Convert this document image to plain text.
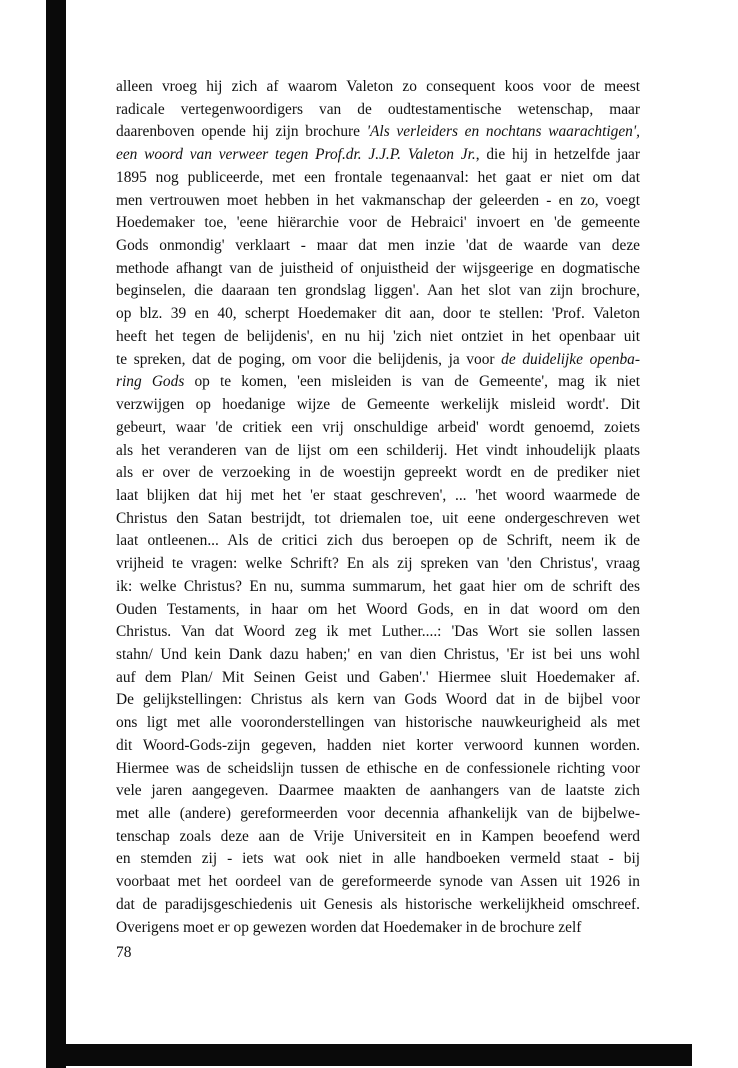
alleen vroeg hij zich af waarom Valeton zo consequent koos voor de meest
radicale vertegenwoordigers van de oudtestamentische wetenschap, maar
daarenboven opende hij zijn brochure 'Als verleiders en nochtans waarachtigen',
een woord van verweer tegen Prof.dr. J.J.P. Valeton Jr., die hij in hetzelfde jaar
1895 nog publiceerde, met een frontale tegenaanval: het gaat er niet om dat
men vertrouwen moet hebben in het vakmanschap der geleerden - en zo, voegt
Hoedemaker toe, 'eene hiërarchie voor de Hebraici' invoert en 'de gemeente
Gods onmondig' verklaart - maar dat men inzie 'dat de waarde van deze
methode afhangt van de juistheid of onjuistheid der wijsgeerige en dogmatische
beginselen, die daaraan ten grondslag liggen'. Aan het slot van zijn brochure,
op blz. 39 en 40, scherpt Hoedemaker dit aan, door te stellen: 'Prof. Valeton
heeft het tegen de belijdenis', en nu hij 'zich niet ontziet in het openbaar uit
te spreken, dat de poging, om voor die belijdenis, ja voor de duidelijke openba-
ring Gods op te komen, 'een misleiden is van de Gemeente', mag ik niet
verzwijgen op hoedanige wijze de Gemeente werkelijk misleid wordt'. Dit
gebeurt, waar 'de critiek een vrij onschuldige arbeid' wordt genoemd, zoiets
als het veranderen van de lijst om een schilderij. Het vindt inhoudelijk plaats
als er over de verzoeking in de woestijn gepreekt wordt en de prediker niet
laat blijken dat hij met het 'er staat geschreven', ... 'het woord waarmede de
Christus den Satan bestrijdt, tot driemalen toe, uit eene ondergeschreven wet
laat ontleenen... Als de critici zich dus beroepen op de Schrift, neem ik de
vrijheid te vragen: welke Schrift? En als zij spreken van 'den Christus', vraag
ik: welke Christus? En nu, summa summarum, het gaat hier om de schrift des
Ouden Testaments, in haar om het Woord Gods, en in dat woord om den
Christus. Van dat Woord zeg ik met Luther....: 'Das Wort sie sollen lassen
stahn/ Und kein Dank dazu haben;' en van dien Christus, 'Er ist bei uns wohl
auf dem Plan/ Mit Seinen Geist und Gaben'.' Hiermee sluit Hoedemaker af.
De gelijkstellingen: Christus als kern van Gods Woord dat in de bijbel voor
ons ligt met alle vooronderstellingen van historische nauwkeurigheid als met
dit Woord-Gods-zijn gegeven, hadden niet korter verwoord kunnen worden.
Hiermee was de scheidslijn tussen de ethische en de confessionele richting voor
vele jaren aangegeven. Daarmee maakten de aanhangers van de laatste zich
met alle (andere) gereformeerden voor decennia afhankelijk van de bijbelwe-
tenschap zoals deze aan de Vrije Universiteit en in Kampen beoefend werd
en stemden zij - iets wat ook niet in alle handboeken vermeld staat - bij
voorbaat met het oordeel van de gereformeerde synode van Assen uit 1926 in
dat de paradijsgeschiedenis uit Genesis als historische werkelijkheid omschreef.
Overigens moet er op gewezen worden dat Hoedemaker in de brochure zelf

78
